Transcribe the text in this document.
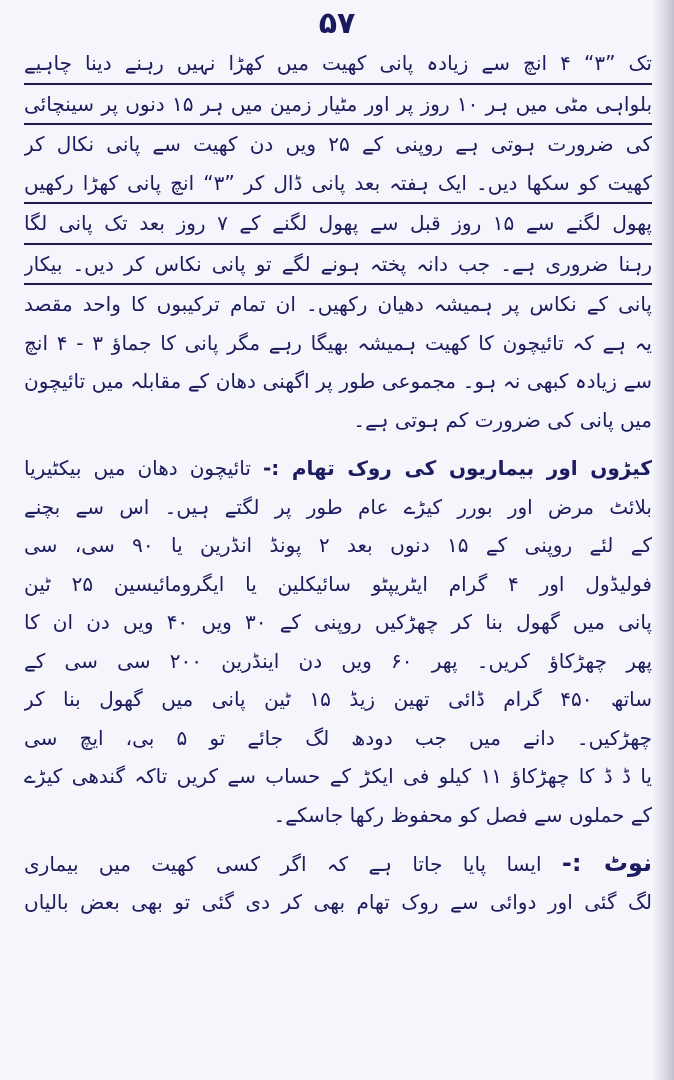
۵۷
تک ”۳“ ۴ انچ سے زیادہ پانی کھیت میں کھڑا نہیں رہنے دینا چاہیے
بلواہی مٹی میں ہر ۱۰ روز پر اور مٹیار زمین میں ہر ۱۵ دنوں پر سینچائی
کی ضرورت ہوتی ہے روپنی کے ۲۵ ویں دن کھیت سے پانی نکال کر
کھیت کو سکھا دیں۔ ایک ہفتہ بعد پانی ڈال کر ”۳“ انچ پانی کھڑا رکھیں
پھول لگنے سے ۱۵ روز قبل سے پھول لگنے کے ۷ روز بعد تک پانی لگا
رہنا ضروری ہے۔ جب دانہ پختہ ہونے لگے تو پانی نکاس کر دیں۔ بیکار
پانی کے نکاس پر ہمیشہ دھیان رکھیں۔ ان تمام ترکیبوں کا واحد مقصد
یہ ہے کہ تائیچون کا کھیت ہمیشہ بھیگا رہے مگر پانی کا جماؤ ۳ - ۴ انچ
سے زیادہ کبھی نہ ہو۔ مجموعی طور پر اگھنی دھان کے مقابلہ میں تائیچون
میں پانی کی ضرورت کم ہوتی ہے۔
کیڑوں اور بیماریوں کی روک تھام :- تائیچون دھان میں بیکٹیریا
بلائٹ مرض اور بورر کیڑے عام طور پر لگتے ہیں۔ اس سے بچنے
کے لئے روپنی کے ۱۵ دنوں بعد ۲ پونڈ انڈرین یا ۹۰ سی، سی
فولیڈول اور ۴ گرام ایٹریپٹو سائیکلین یا ایگرومائیسین ۲۵ ٹین
پانی میں گھول بنا کر چھڑکیں روپنی کے ۳۰ ویں ۴۰ ویں دن ان کا
پھر چھڑکاؤ کریں۔ پھر ۶۰ ویں دن اینڈرین ۲۰۰ سی سی کے
ساتھ ۴۵۰ گرام ڈائی تھین زیڈ ۱۵ ٹین پانی میں گھول بنا کر
چھڑکیں۔ دانے میں جب دودھ لگ جائے تو ۵ بی، ایچ سی
یا ڈ ڈ کا چھڑکاؤ ۱۱ کیلو فی ایکڑ کے حساب سے کریں تاکہ گندھی کیڑے
کے حملوں سے فصل کو محفوظ رکھا جاسکے۔
نوٹ :- ایسا پایا جاتا ہے کہ اگر کسی کھیت میں بیماری
لگ گئی اور دوائی سے روک تھام بھی کر دی گئی تو بھی بعض بالیاں
